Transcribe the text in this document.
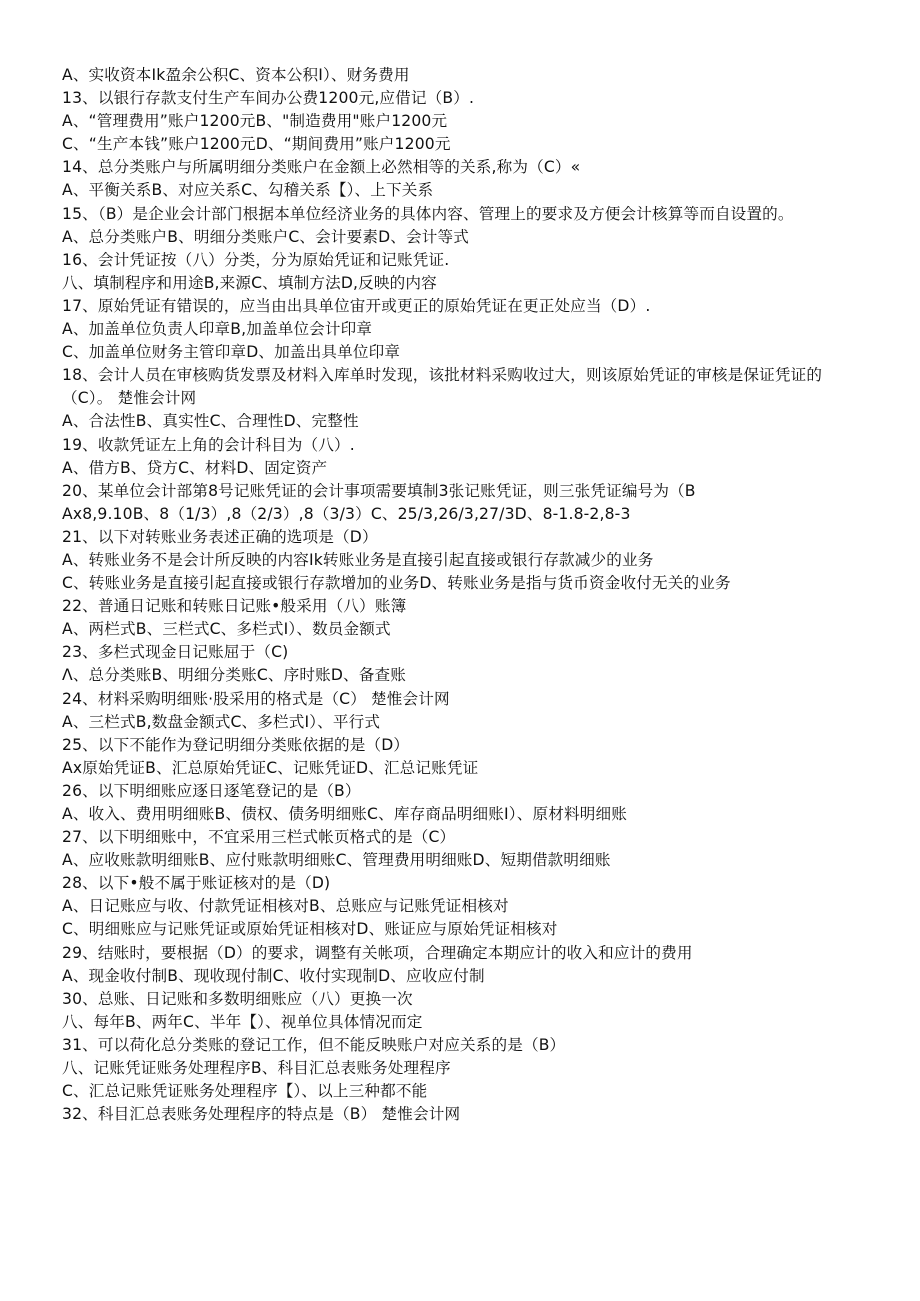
A、实收资本Ik盈余公积C、资本公积I）、财务费用
13、以银行存款支付生产车间办公费1200元,应借记（B）.
A、“管理费用”账户1200元B、"制造费用"账户1200元
C、“生产本钱”账户1200元D、“期间费用”账户1200元
14、总分类账户与所属明细分类账户在金额上必然相等的关系,称为（C）«
A、平衡关系B、对应关系C、勾稽关系【）、上下关系
15、（B）是企业会计部门根据本单位经济业务的具体内容、管理上的要求及方便会计核算等而自设置的。
A、总分类账户B、明细分类账户C、会计要素D、会计等式
16、会计凭证按（八）分类，分为原始凭证和记账凭证.
八、填制程序和用途B,来源C、填制方法D,反映的内容
17、原始凭证有错误的，应当由出具单位宙开或更正的原始凭证在更正处应当（D）.
A、加盖单位负责人印章B,加盖单位会计印章
C、加盖单位财务主管印章D、加盖出具单位印章
18、会计人员在审核购货发票及材料入库单时发现，该批材料采购收过大，则该原始凭证的审核是保证凭证的（C）。 楚惟会计网
A、合法性B、真实性C、合理性D、完整性
19、收款凭证左上角的会计科目为（八）.
A、借方B、贷方C、材料D、固定资产
20、某单位会计部第8号记账凭证的会计事项需要填制3张记账凭证，则三张凭证编号为（B
Ax8,9.10B、8（1/3）,8（2/3）,8（3/3）C、25/3,26/3,27/3D、8-1.8-2,8-3
21、以下对转账业务表述正确的选项是（D）
A、转账业务不是会计所反映的内容Ik转账业务是直接引起直接或银行存款减少的业务
C、转账业务是直接引起直接或银行存款增加的业务D、转账业务是指与货币资金收付无关的业务
22、普通日记账和转账日记账•般采用（八）账簿
A、两栏式B、三栏式C、多栏式I）、数员金额式
23、多栏式现金日记账屈于（C)
Λ、总分类账B、明细分类账C、序时账D、备查账
24、材料采购明细账·股采用的格式是（C） 楚惟会计网
A、三栏式B,数盘金额式C、多栏式I）、平行式
25、以下不能作为登记明细分类账依据的是（D）
Ax原始凭证B、汇总原始凭证C、记账凭证D、汇总记账凭证
26、以下明细账应逐日逐笔登记的是（B）
A、收入、费用明细账B、债权、债务明细账C、库存商品明细账I）、原材料明细账
27、以下明细账中，不宜采用三栏式帐页格式的是（C）
A、应收账款明细账B、应付账款明细账C、管理费用明细账D、短期借款明细账
28、以下•般不属于账证核对的是（D)
A、日记账应与收、付款凭证相核对B、总账应与记账凭证相核对
C、明细账应与记账凭证或原始凭证相核对D、账证应与原始凭证相核对
29、结账时，要根据（D）的要求，调整有关帐项，合理确定本期应计的收入和应计的费用
A、现金收付制B、现收现付制C、收付实现制D、应收应付制
30、总账、日记账和多数明细账应（八）更换一次
八、每年B、两年C、半年【）、视单位具体情况而定
31、可以荷化总分类账的登记工作，但不能反映账户对应关系的是（B）
八、记账凭证账务处理程序B、科目汇总表账务处理程序
C、汇总记账凭证账务处理程序【）、以上三种都不能
32、科目汇总表账务处理程序的特点是（B） 楚惟会计网
